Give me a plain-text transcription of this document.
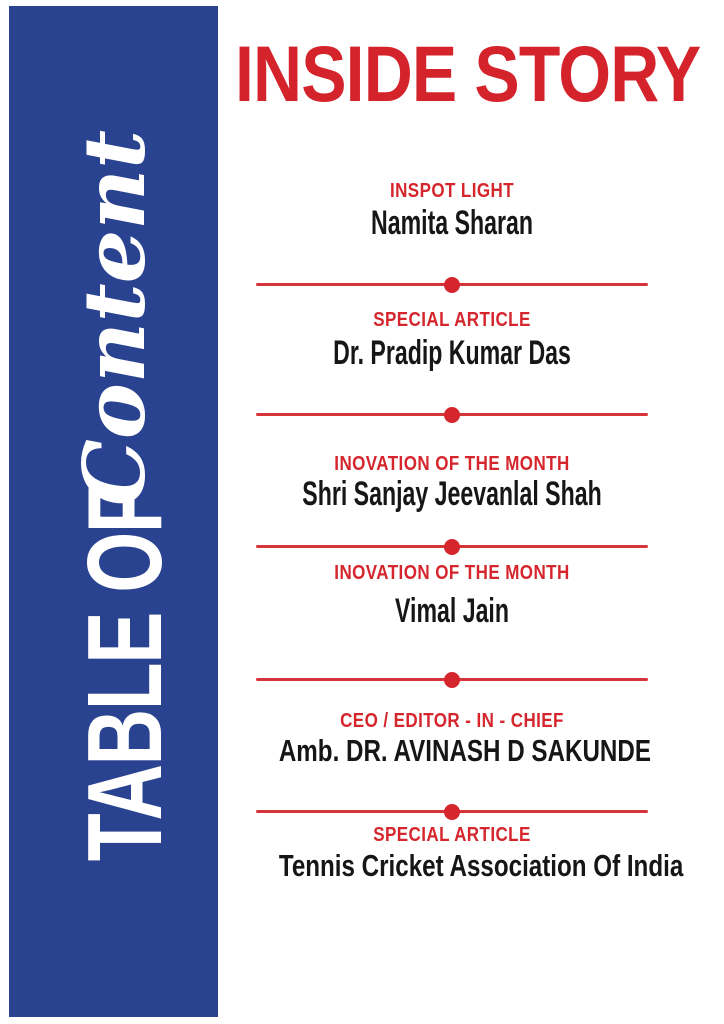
Content
TABLE OF
INSIDE STORY
INSPOT LIGHT
Namita Sharan
SPECIAL ARTICLE
Dr. Pradip Kumar Das
INOVATION OF THE MONTH
Shri Sanjay Jeevanlal Shah
INOVATION OF THE MONTH
Vimal Jain
CEO / EDITOR - IN - CHIEF
Amb. DR. AVINASH D SAKUNDE
SPECIAL ARTICLE
Tennis Cricket Association Of India
